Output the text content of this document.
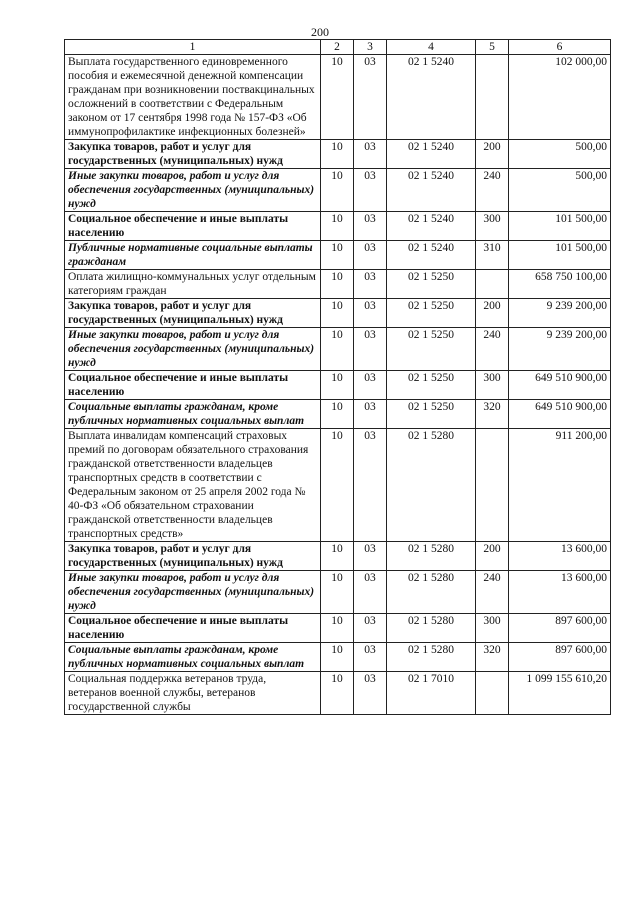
200
1	2	3	4	5	6
Выплата государственного единовременного пособия и ежемесячной денежной компенсации гражданам при возникновении поствакцинальных осложнений в соответствии с Федеральным законом от 17 сентября 1998 года № 157-ФЗ «Об иммунопрофилактике инфекционных болезней»	10	03	02 1 5240		102 000,00
Закупка товаров, работ и услуг для государственных (муниципальных) нужд	10	03	02 1 5240	200	500,00
Иные закупки товаров, работ и услуг для обеспечения государственных (муниципальных) нужд	10	03	02 1 5240	240	500,00
Социальное обеспечение и иные выплаты населению	10	03	02 1 5240	300	101 500,00
Публичные нормативные социальные выплаты гражданам	10	03	02 1 5240	310	101 500,00
Оплата жилищно-коммунальных услуг отдельным категориям граждан	10	03	02 1 5250		658 750 100,00
Закупка товаров, работ и услуг для государственных (муниципальных) нужд	10	03	02 1 5250	200	9 239 200,00
Иные закупки товаров, работ и услуг для обеспечения государственных (муниципальных) нужд	10	03	02 1 5250	240	9 239 200,00
Социальное обеспечение и иные выплаты населению	10	03	02 1 5250	300	649 510 900,00
Социальные выплаты гражданам, кроме публичных нормативных социальных выплат	10	03	02 1 5250	320	649 510 900,00
Выплата инвалидам компенсаций страховых премий по договорам обязательного страхования гражданской ответственности владельцев транспортных средств в соответствии с Федеральным законом от 25 апреля 2002 года № 40-ФЗ «Об обязательном страховании гражданской ответственности владельцев транспортных средств»	10	03	02 1 5280		911 200,00
Закупка товаров, работ и услуг для государственных (муниципальных) нужд	10	03	02 1 5280	200	13 600,00
Иные закупки товаров, работ и услуг для обеспечения государственных (муниципальных) нужд	10	03	02 1 5280	240	13 600,00
Социальное обеспечение и иные выплаты населению	10	03	02 1 5280	300	897 600,00
Социальные выплаты гражданам, кроме публичных нормативных социальных выплат	10	03	02 1 5280	320	897 600,00
Социальная поддержка ветеранов труда, ветеранов военной службы, ветеранов государственной службы	10	03	02 1 7010		1 099 155 610,20
